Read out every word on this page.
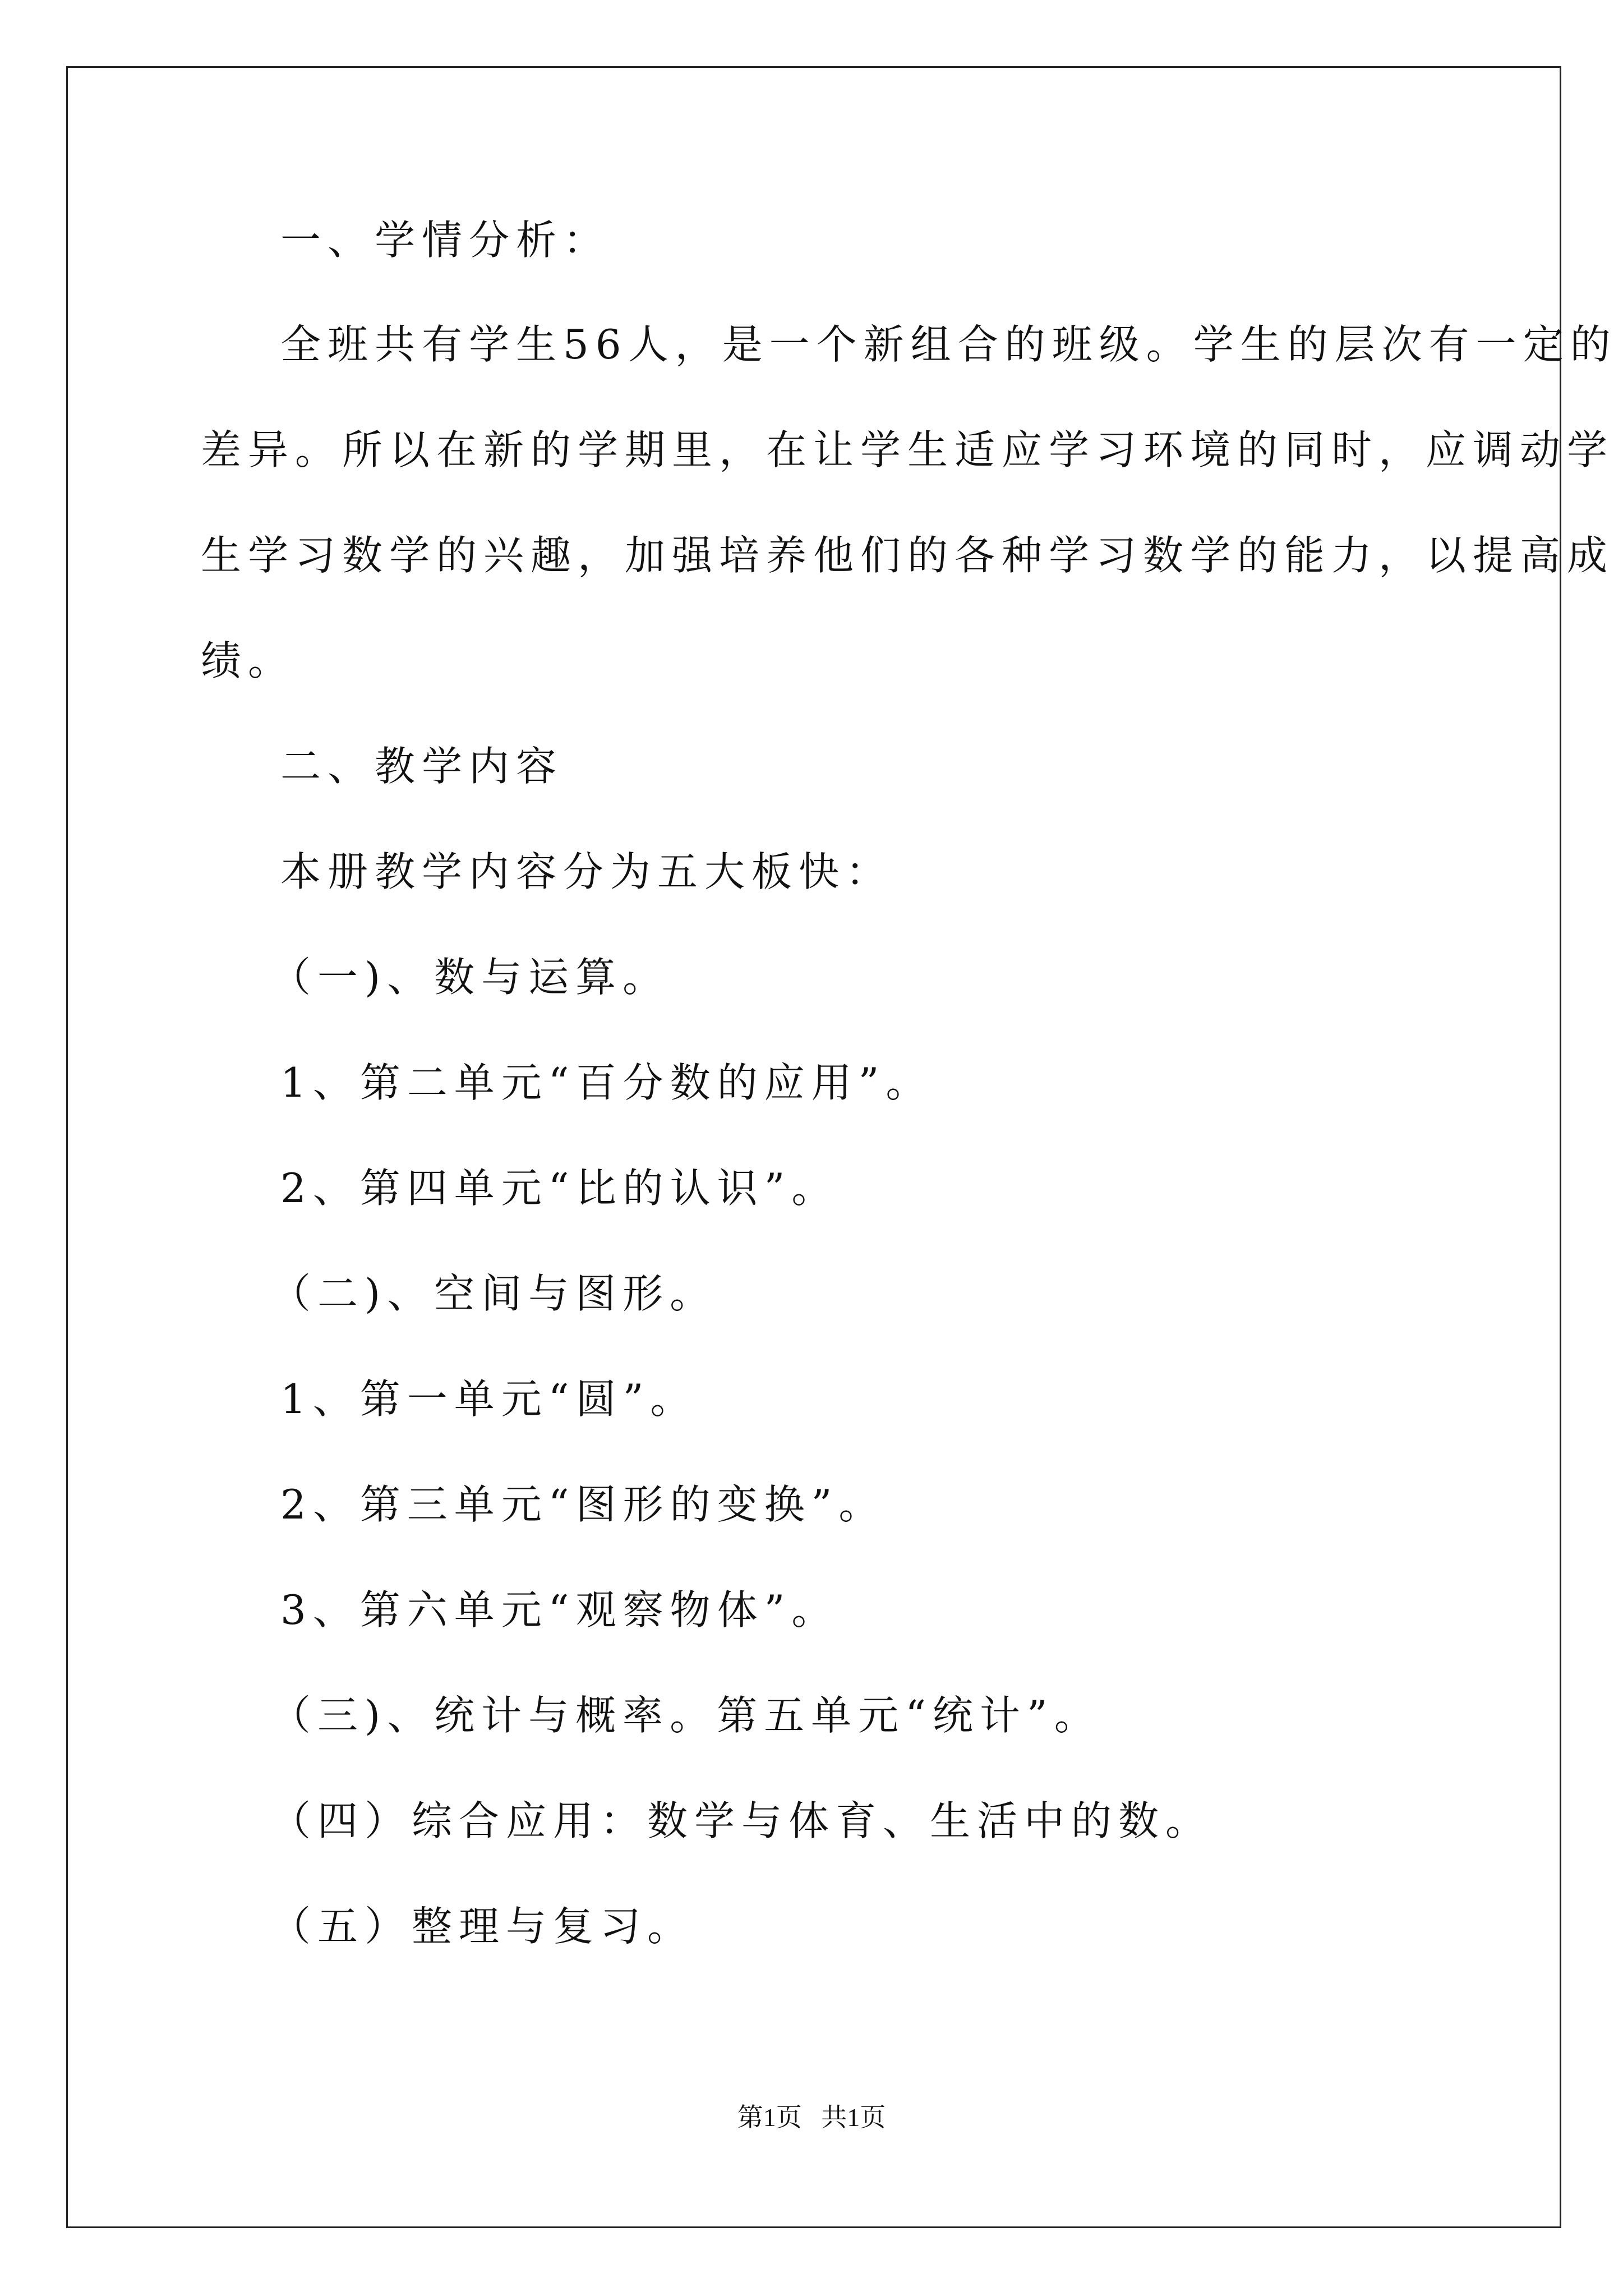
一、学情分析：
全班共有学生56人，是一个新组合的班级。学生的层次有一定的
差异。所以在新的学期里，在让学生适应学习环境的同时，应调动学
生学习数学的兴趣，加强培养他们的各种学习数学的能力，以提高成
绩。
二、教学内容
本册教学内容分为五大板快：
（一)、数与运算。
1、第二单元“百分数的应用”。
2、第四单元“比的认识”。
（二)、空间与图形。
1、第一单元“圆”。
2、第三单元“图形的变换”。
3、第六单元“观察物体”。
（三)、统计与概率。第五单元“统计”。
（四）综合应用：数学与体育、生活中的数。
（五）整理与复习。
第1页   共1页
